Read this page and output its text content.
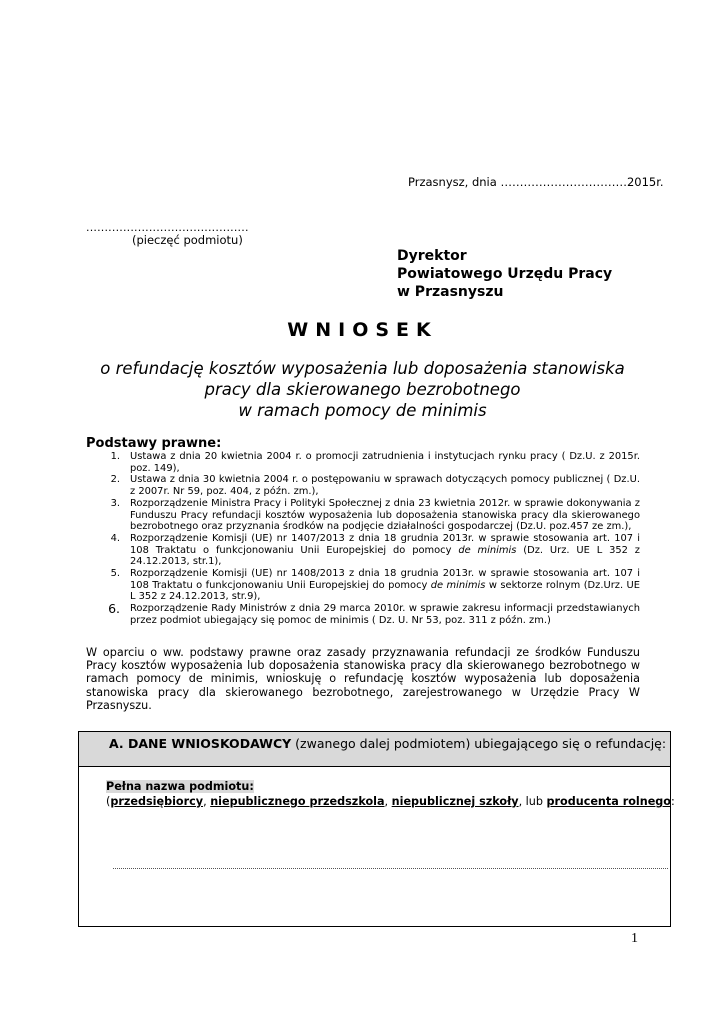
Przasnysz, dnia ……………………………2015r.
............................................
(pieczęć podmiotu)
Dyrektor
Powiatowego Urzędu Pracy
w Przasnyszu
WNIOSEK
o refundację kosztów wyposażenia lub doposażenia stanowiska
pracy dla skierowanego bezrobotnego
w ramach pomocy de minimis
Podstawy prawne:
1.	Ustawa z dnia 20 kwietnia 2004 r. o promocji zatrudnienia i instytucjach rynku pracy ( Dz.U. z 2015r. poz. 149),
2.	Ustawa z dnia 30 kwietnia 2004 r. o postępowaniu w sprawach dotyczących pomocy publicznej ( Dz.U. z 2007r. Nr 59, poz. 404, z późn. zm.),
3.	Rozporządzenie Ministra Pracy i Polityki Społecznej z dnia 23 kwietnia 2012r. w sprawie dokonywania z Funduszu Pracy refundacji kosztów wyposażenia lub doposażenia stanowiska pracy dla skierowanego bezrobotnego oraz przyznania środków na podjęcie działalności gospodarczej (Dz.U. poz.457 ze zm.),
4.	Rozporządzenie Komisji (UE) nr 1407/2013 z dnia 18 grudnia 2013r. w sprawie stosowania art. 107 i 108 Traktatu o funkcjonowaniu Unii Europejskiej do pomocy de minimis (Dz. Urz. UE L 352 z 24.12.2013, str.1),
5.	Rozporządzenie Komisji (UE) nr 1408/2013 z dnia 18 grudnia 2013r. w sprawie stosowania art. 107 i 108 Traktatu o funkcjonowaniu Unii Europejskiej do pomocy de minimis w sektorze rolnym (Dz.Urz. UE L 352 z 24.12.2013, str.9),
6.	Rozporządzenie Rady Ministrów z dnia 29 marca 2010r. w sprawie zakresu informacji przedstawianych przez podmiot ubiegający się pomoc de minimis ( Dz. U. Nr 53, poz. 311 z późn. zm.)
W oparciu o ww. podstawy prawne oraz zasady przyznawania refundacji ze środków Funduszu Pracy kosztów wyposażenia lub doposażenia stanowiska pracy dla skierowanego bezrobotnego w ramach pomocy de minimis, wnioskuję o refundację kosztów wyposażenia lub doposażenia stanowiska pracy dla skierowanego bezrobotnego, zarejestrowanego w Urzędzie Pracy W Przasnyszu.
A. DANE WNIOSKODAWCY (zwanego dalej podmiotem) ubiegającego się o refundację:
Pełna nazwa podmiotu:
(przedsiębiorcy, niepublicznego przedszkola, niepublicznej szkoły, lub producenta rolnego:
1
